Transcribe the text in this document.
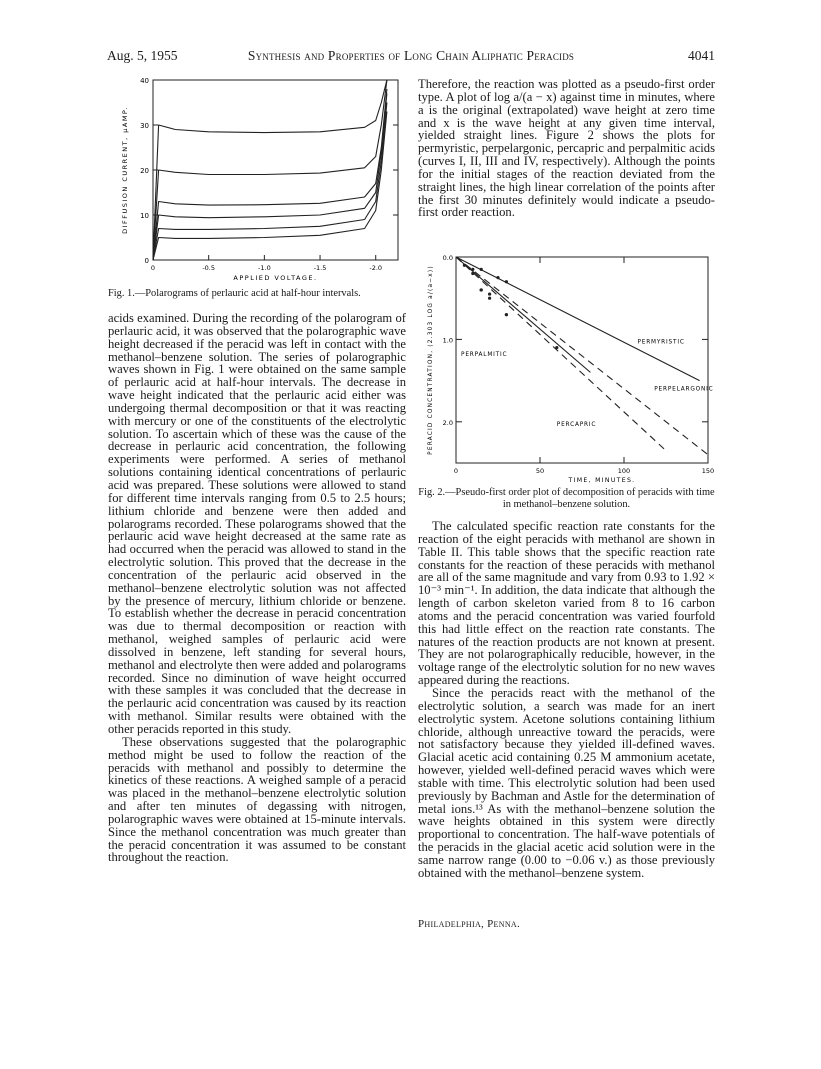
Aug. 5, 1955	Synthesis and Properties of Long Chain Aliphatic Peracids	4041
0
10
20
30
40
0	-0.5	-1.0	-1.5	-2.0
APPLIED VOLTAGE.
DIFFUSION CURRENT, μAMP.
Fig. 1.—Polarograms of perlauric acid at half-hour intervals.

acids examined. During the recording of the polarogram of perlauric acid, it was observed that the polarographic wave height decreased if the peracid was left in contact with the methanol–benzene solution. The series of polarographic waves shown in Fig. 1 were obtained on the same sample of perlauric acid at half-hour intervals. The decrease in wave height indicated that the perlauric acid either was undergoing thermal decomposition or that it was reacting with mercury or one of the constituents of the electrolytic solution. To ascertain which of these was the cause of the decrease in perlauric acid concentration, the following experiments were performed. A series of methanol solutions containing identical concentrations of perlauric acid was prepared. These solutions were allowed to stand for different time intervals ranging from 0.5 to 2.5 hours; lithium chloride and benzene were then added and polarograms recorded. These polarograms showed that the perlauric acid wave height decreased at the same rate as had occurred when the peracid was allowed to stand in the electrolytic solution. This proved that the decrease in the concentration of the perlauric acid observed in the methanol–benzene electrolytic solution was not affected by the presence of mercury, lithium chloride or benzene. To establish whether the decrease in peracid concentration was due to thermal decomposition or reaction with methanol, weighed samples of perlauric acid were dissolved in benzene, left standing for several hours, methanol and electrolyte then were added and polarograms recorded. Since no diminution of wave height occurred with these samples it was concluded that the decrease in the perlauric acid concentration was caused by its reaction with methanol. Similar results were obtained with the other peracids reported in this study.

These observations suggested that the polarographic method might be used to follow the reaction of the peracids with methanol and possibly to determine the kinetics of these reactions. A weighed sample of a peracid was placed in the methanol–benzene electrolytic solution and after ten minutes of degassing with nitrogen, polarographic waves were obtained at 15-minute intervals. Since the methanol concentration was much greater than the peracid concentration it was assumed to be constant throughout the reaction.

Therefore, the reaction was plotted as a pseudo-first order type. A plot of log a/(a − x) against time in minutes, where a is the original (extrapolated) wave height at zero time and x is the wave height at any given time interval, yielded straight lines. Figure 2 shows the plots for permyristic, perpelargonic, percapric and perpalmitic acids (curves I, II, III and IV, respectively). Although the points for the initial stages of the reaction deviated from the straight lines, the high linear correlation of the points after the first 30 minutes definitely would indicate a pseudo-first order reaction.

0.0
1.0
2.0
0	50	100	150
TIME, MINUTES.
PERACID CONCENTRATION, (2.303 LOG a/(a−x))	PERMYRISTIC
PERPELARGONIC
PERPALMITIC
PERCAPRIC
Fig. 2.—Pseudo-first order plot of decomposition of peracids with time in methanol–benzene solution.

The calculated specific reaction rate constants for the reaction of the eight peracids with methanol are shown in Table II. This table shows that the specific reaction rate constants for the reaction of these peracids with methanol are all of the same magnitude and vary from 0.93 to 1.92 × 10⁻³ min⁻¹. In addition, the data indicate that although the length of carbon skeleton varied from 8 to 16 carbon atoms and the peracid concentration was varied fourfold this had little effect on the reaction rate constants. The natures of the reaction products are not known at present. They are not polarographically reducible, however, in the voltage range of the electrolytic solution for no new waves appeared during the reactions.

Since the peracids react with the methanol of the electrolytic solution, a search was made for an inert electrolytic system. Acetone solutions containing lithium chloride, although unreactive toward the peracids, were not satisfactory because they yielded ill-defined waves. Glacial acetic acid containing 0.25 M ammonium acetate, however, yielded well-defined peracid waves which were stable with time. This electrolytic solution had been used previously by Bachman and Astle for the determination of metal ions.¹³ As with the methanol–benzene solution the wave heights obtained in this system were directly proportional to concentration. The half-wave potentials of the peracids in the glacial acetic acid solution were in the same narrow range (0.00 to −0.06 v.) as those previously obtained with the methanol–benzene system.

Philadelphia, Penna.
